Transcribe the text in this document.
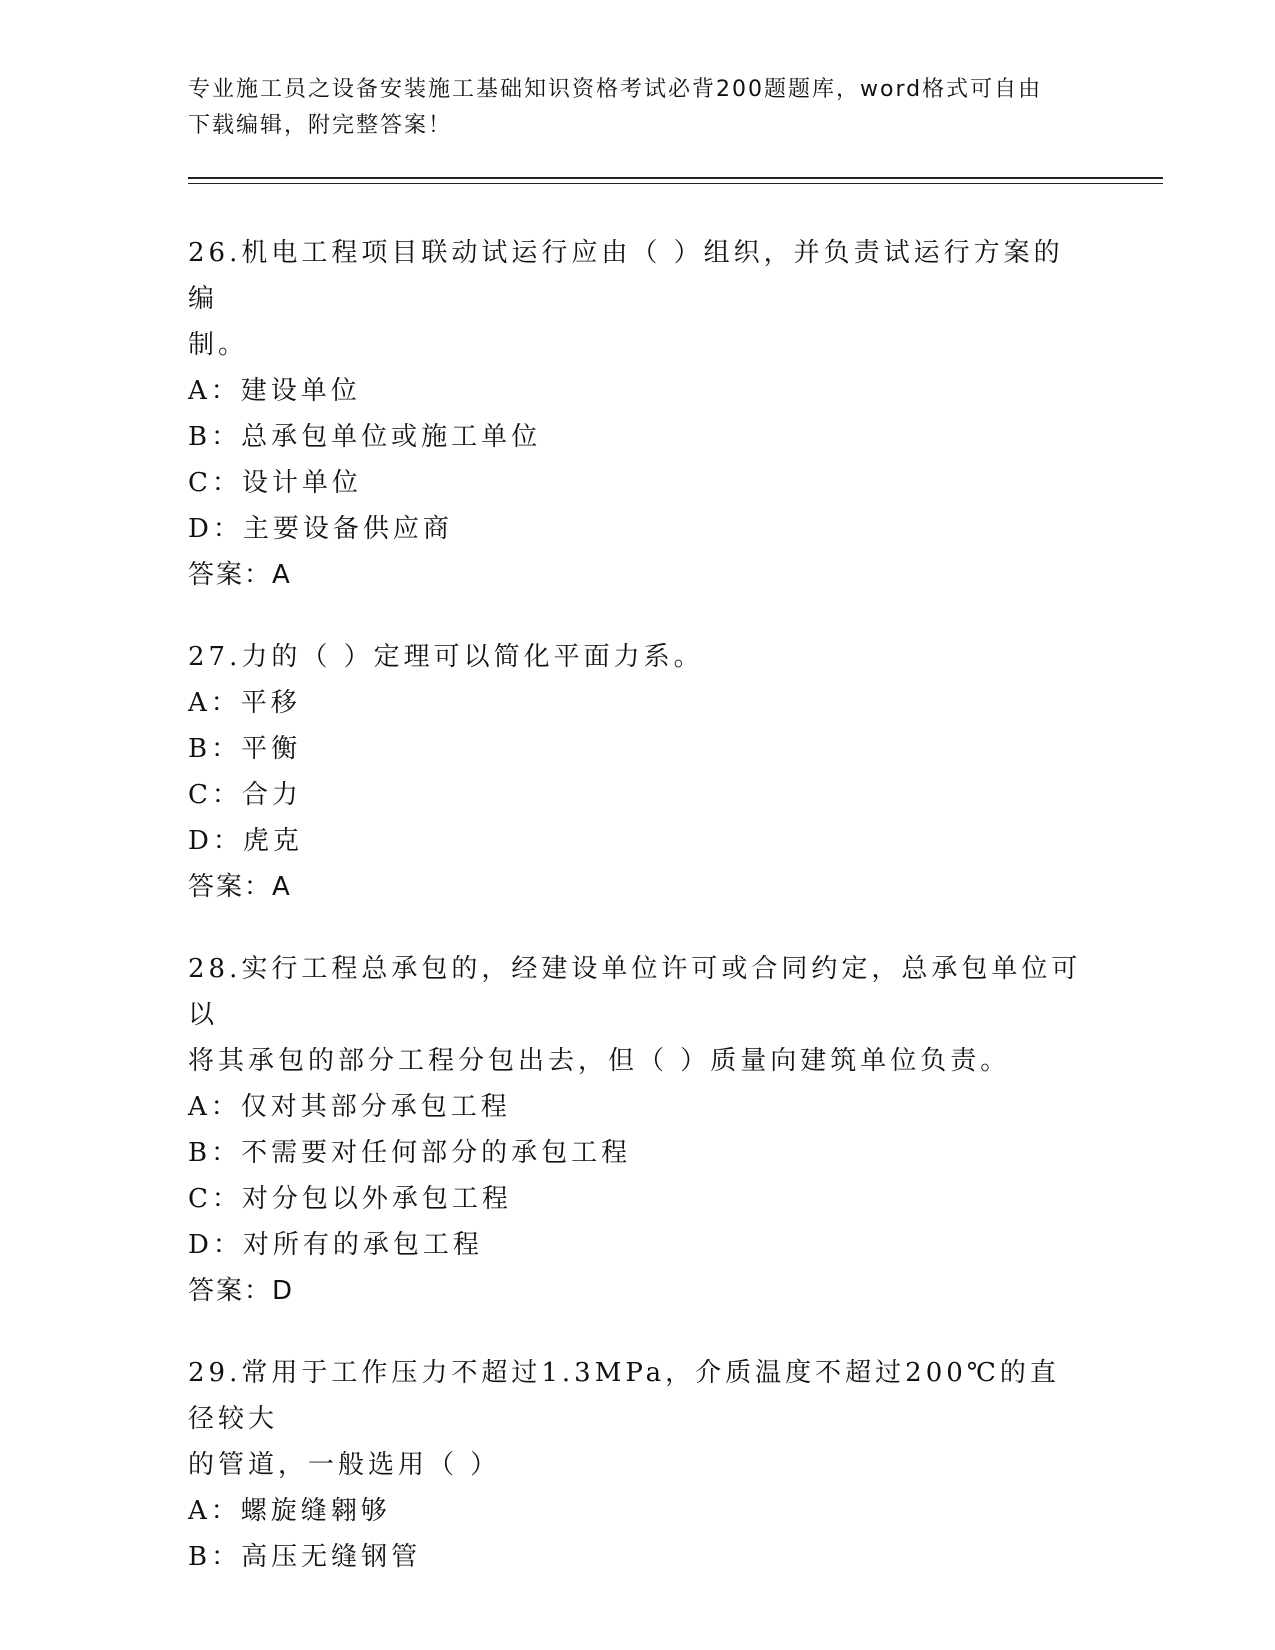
专业施工员之设备安装施工基础知识资格考试必背200题题库，word格式可自由
下载编辑，附完整答案！
26.机电工程项目联动试运行应由（ ）组织，并负责试运行方案的编
制。
A：建设单位
B：总承包单位或施工单位
C：设计单位
D：主要设备供应商
答案：A
27.力的（ ）定理可以简化平面力系。
A：平移
B：平衡
C：合力
D：虎克
答案：A
28.实行工程总承包的，经建设单位许可或合同约定，总承包单位可以
将其承包的部分工程分包出去，但（ ）质量向建筑单位负责。
A：仅对其部分承包工程
B：不需要对任何部分的承包工程
C：对分包以外承包工程
D：对所有的承包工程
答案：D
29.常用于工作压力不超过1.3MPa，介质温度不超过200℃的直径较大
的管道，一般选用（ ）
A：螺旋缝翱够
B：高压无缝钢管
